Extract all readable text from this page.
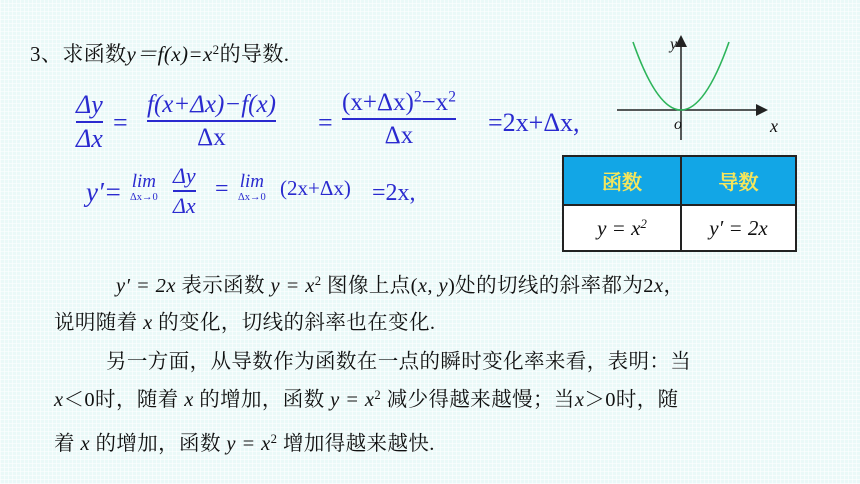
3、求函数$y=f(x)=x^2$的导数.
Δy
Δx
=
f(x+Δx)−f(x)
Δx	=
$(x+\Delta x)^2-x^2$
Δx	=2x+Δx,
y′= lim
Δx→0
Δy
Δx
= lim
Δx→0 (2x+Δx) =2x,
y
x
o
函数	导数
$y = x^2$	y′ = 2x
y′ = 2x 表示函数 $y = x^2$ 图像上点(x, y)处的切线的斜率都为2x，
说明随着 x 的变化，切线的斜率也在变化.
另一方面，从导数作为函数在一点的瞬时变化率来看，表明：当
x＜0时，随着 x 的增加，函数 $y = x^2$ 减少得越来越慢；当x＞0时，随
着 x 的增加，函数 $y = x^2$ 增加得越来越快.
